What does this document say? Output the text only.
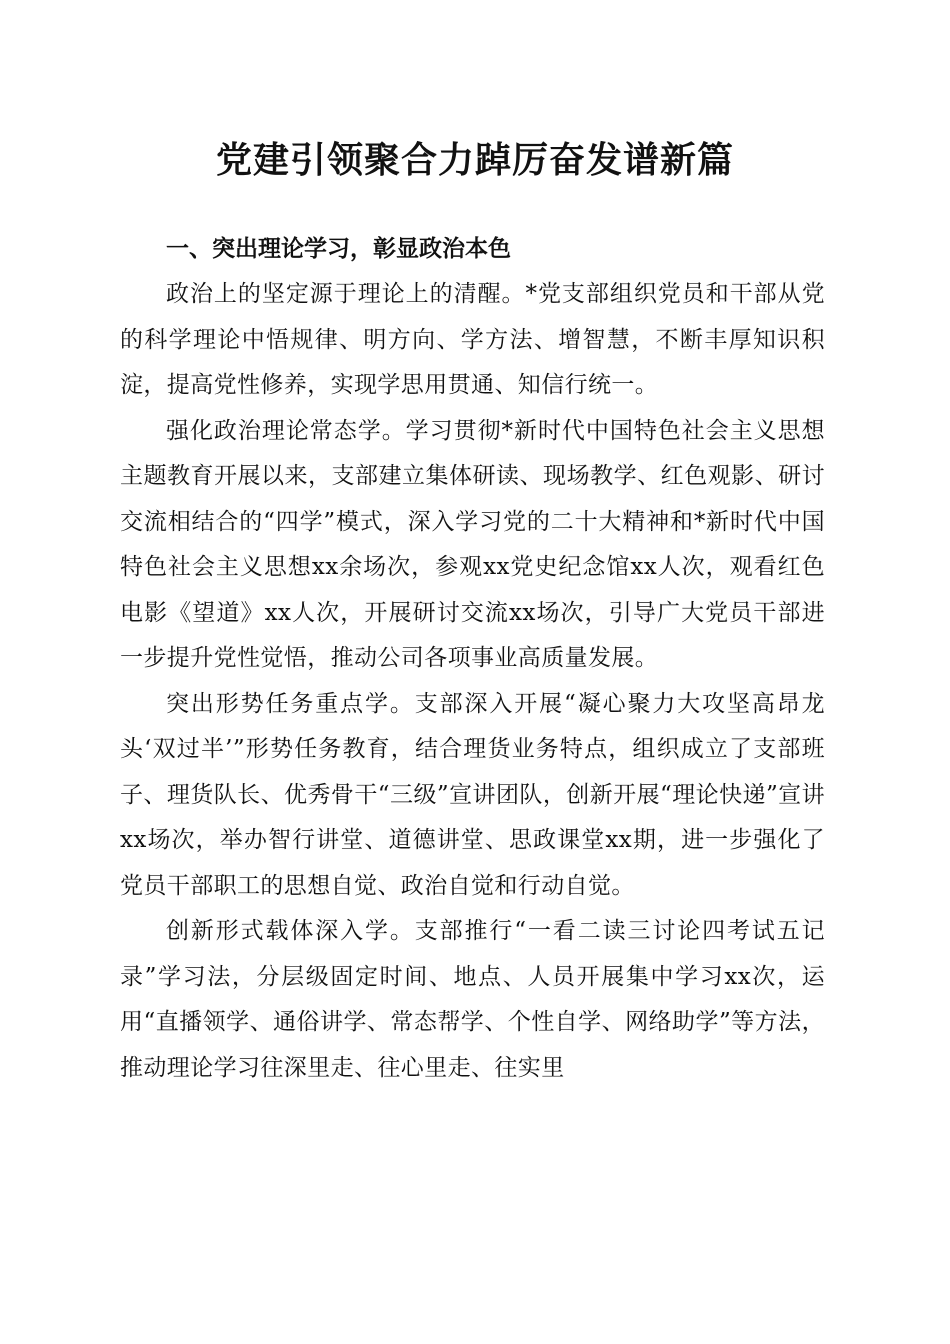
党建引领聚合力踔厉奋发谱新篇

一、突出理论学习，彰显政治本色

政治上的坚定源于理论上的清醒。*党支部组织党员和干部从党的科学理论中悟规律、明方向、学方法、增智慧，不断丰厚知识积淀，提高党性修养，实现学思用贯通、知信行统一。

强化政治理论常态学。学习贯彻*新时代中国特色社会主义思想主题教育开展以来，支部建立集体研读、现场教学、红色观影、研讨交流相结合的“四学”模式，深入学习党的二十大精神和*新时代中国特色社会主义思想xx余场次，参观xx党史纪念馆xx人次，观看红色电影《望道》xx人次，开展研讨交流xx场次，引导广大党员干部进一步提升党性觉悟，推动公司各项事业高质量发展。

突出形势任务重点学。支部深入开展“凝心聚力大攻坚高昂龙头‘双过半’”形势任务教育，结合理货业务特点，组织成立了支部班子、理货队长、优秀骨干“三级”宣讲团队，创新开展“理论快递”宣讲xx场次，举办智行讲堂、道德讲堂、思政课堂xx期，进一步强化了党员干部职工的思想自觉、政治自觉和行动自觉。

创新形式载体深入学。支部推行“一看二读三讨论四考试五记录”学习法，分层级固定时间、地点、人员开展集中学习xx次，运用“直播领学、通俗讲学、常态帮学、个性自学、网络助学”等方法，推动理论学习往深里走、往心里走、往实里
